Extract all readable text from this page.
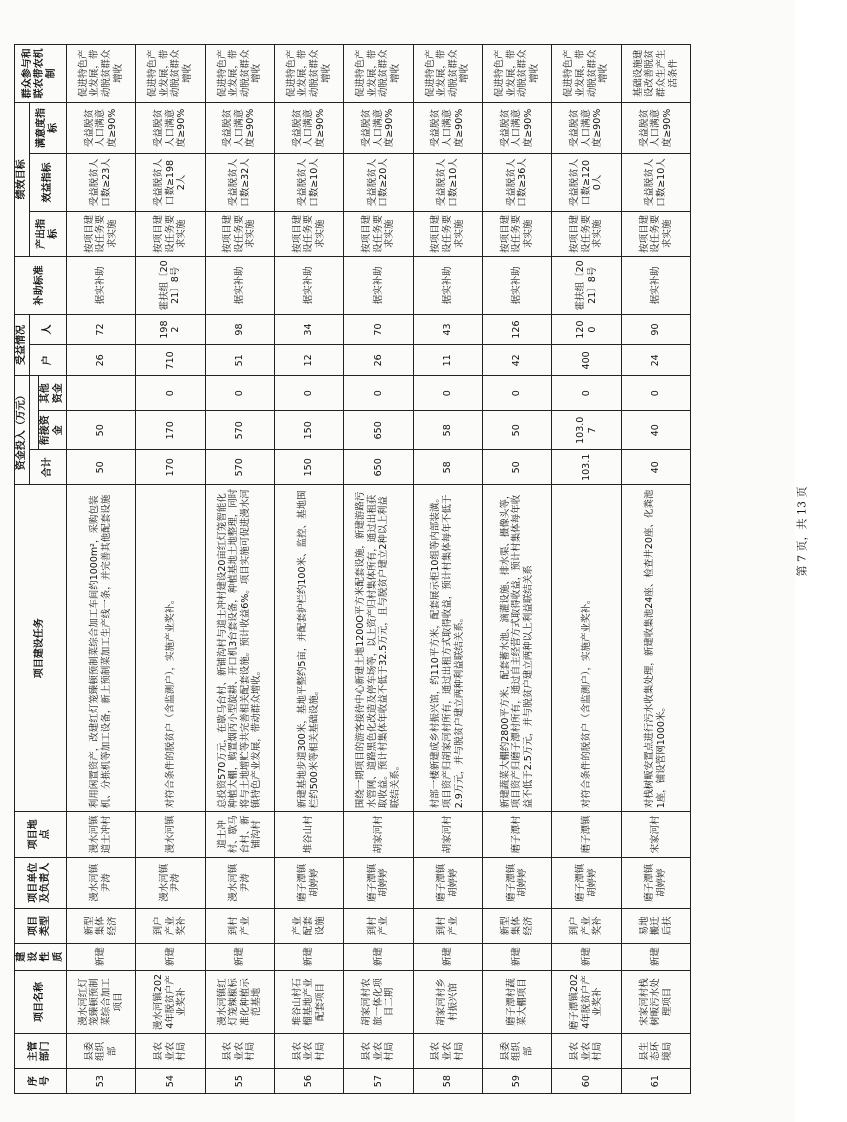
序号	主管部门	项目名称	建设性质	项目类型	项目单位及负责人	项目地点	项目建设任务	资金投入（万元）			受益情况		补助标准	绩效目标			群众参与和联农带农机制
								合计			户	人		产出指标	效益指标	满意度指标	
									衔接资金	其他资金							
53	县委组织部	漫水河红灯笼臻顿预制菜综合加工项目	新建	新型集体经济	漫水河镇尹涛	漫水河镇道士冲村	利用闲置资产，改建红灯笼臻顿预制菜综合加工车间约1000m²，采购包装机、分拣机等加工设备，新上预制菜加工生产线一条，并完善其他配套设施	50	50		26	72	据实补助	按项目建设任务要求实施	受益脱贫人口数≥23人	受益脱贫人口满意度≥90%	促进特色产业发展，带动脱贫群众增收
54	县农业农村局	漫水河镇2024年脱贫户产业奖补	新建	到户产业奖补	漫水河镇尹涛	漫水河镇	对符合条件的脱贫户（含监测户），实施产业奖补。	170	170	0	710	1982	霍扶组〔2021〕8号	按项目建设任务要求实施	受益脱贫人口数≥1982人	受益脱贫人口满意度≥90%	促进特色产业发展，带动脱贫群众增收
55	县农业农村局	漫水河镇红灯笼辣椒标准化种植示范基地	新建	到村产业	漫水河镇尹涛	道士冲村、歇马台村、新铺沟村	总投资570万元，在歇马台村、新铺沟村与道士冲村建设20亩红灯笼智能化种植大棚，购置烟丙小型旋耕、开口机3台套设备，种植基地土地整理，同时将与土地增贮等共完善相关配套设施。预计收益6%。项目实施可促进漫水河镇特色产业发展，带动群众增收。	570	570	0	51	98	据实补助	按项目建设任务要求实施	受益脱贫人口数≥32人	受益脱贫人口满意度≥90%	促进特色产业发展，带动脱贫群众增收
56	县农业农村局	堆谷山村石榴基地产业配套项目	新建	产业配套设施	磨子潭镇胡婷婷	堆谷山村	新建基地步道300米，基地平整约5亩，并配套护栏约100米、监控、基地围栏约500米等相关基础设施。	150	150	0	12	34	据实补助	按项目建设任务要求实施	受益脱贫人口数≥10人	受益脱贫人口满意度≥90%	促进特色产业发展，带动脱贫群众增收
57	县农业农村局	胡家河村农旅一体化项目二期	新建	到村产业	磨子潭镇胡婷婷	胡家河村	围绕一期项目的游客接待中心新建土地1200O平方米配套设施，新建游路污水管网、道路黑色化改造及停车场等，以上资产归村集体所有，通过出租获取收益。预计村集体年收益不低于32.5万元，且与脱贫户建立2种以上利益联结关系。	650	650	0	26	70	据实补助	按项目建设任务要求实施	受益脱贫人口数≥20人	受益脱贫人口满意度≥90%	促进特色产业发展，带动脱贫群众增收
58	县农业农村局	胡家河村乡村振兴馆	新建	到村产业	磨子潭镇胡婷婷	胡家河村	村部一楼新建成乡村振兴馆，约110平方米，配套展示柜10组等内部装潢。项目资产归胡家河村所有，通过出租方式取得收益，预计村集体每年不低于2.9万元，并与脱贫户建立两种利益联结关系。	58	58	0	11	43	据实补助	按项目建设任务要求实施	受益脱贫人口数≥10人	受益脱贫人口满意度≥90%	促进特色产业发展，带动脱贫群众增收
59	县委组织部	磨子潭村蔬菜大棚项目	新建	新型集体经济	磨子潭镇胡婷婷	磨子潭村	新建蔬菜大棚约2800平方米，配套蓄水池、滴灌设施、排水渠、摄像头等，项目资产归磨子潭村所有，通过自主经营方式取得收益，预计村集体每年收益不低于2.5万元，并与脱贫户建立两种以上利益联结关系	50	50	0	42	126	据实补助	按项目建设任务要求实施	受益脱贫人口数≥36人	受益脱贫人口满意度≥90%	促进特色产业发展，带动脱贫群众增收
60	县农业农村局	磨子潭镇2024年脱贫户产业奖补	新建	到户产业奖补	磨子潭镇胡婷婷	磨子潭镇	对符合条件的脱贫户（含监测户），实施产业奖补。	103.1	103.07	0	400	1200	霍扶组〔2021〕8号	按项目建设任务要求实施	受益脱贫人口数≥1200人	受益脱贫人口满意度≥90%	促进特色产业发展，带动脱贫群众增收
61	县生态环境局	宋家河村栈树畈污水处理项目	新建	易地搬迁后扶	磨子潭镇胡婷婷	宋家河村	对栈树畈安置点进行污水收集处理，新建收集池24座、检查井20座、化粪池1座，铺设管网1000米。	40	40	0	24	90	据实补助	按项目建设任务要求实施	受益脱贫人口数≥10人	受益脱贫人口满意度≥90%	基础设施建设改善脱贫群众生产生活条件
第 7 页，共 13 页
